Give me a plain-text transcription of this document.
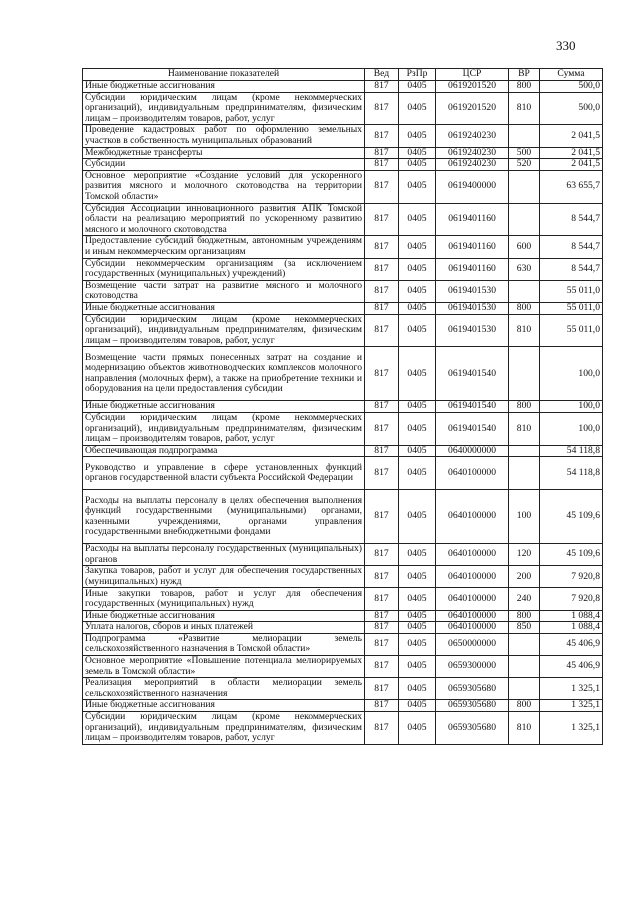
330
Наименование показателей	Вед	РзПр	ЦСР	ВР	Сумма
Иные бюджетные ассигнования	817	0405	0619201520	800	500,0
Субсидии юридическим лицам (кроме некоммерческих организаций), индивидуальным предпринимателям, физическим лицам – производителям товаров, работ, услуг	817	0405	0619201520	810	500,0
Проведение кадастровых работ по оформлению земельных участков в собственность муниципальных образований	817	0405	0619240230		2 041,5
Межбюджетные трансферты	817	0405	0619240230	500	2 041,5
Субсидии	817	0405	0619240230	520	2 041,5
Основное мероприятие «Создание условий для ускоренного развития мясного и молочного скотоводства на территории Томской области»	817	0405	0619400000		63 655,7
Субсидия Ассоциации инновационного развития АПК Томской области на реализацию мероприятий по ускоренному развитию мясного и молочного скотоводства	817	0405	0619401160		8 544,7
Предоставление субсидий бюджетным, автономным учреждениям и иным некоммерческим организациям	817	0405	0619401160	600	8 544,7
Субсидии некоммерческим организациям (за исключением государственных (муниципальных) учреждений)	817	0405	0619401160	630	8 544,7
Возмещение части затрат на развитие мясного и молочного скотоводства	817	0405	0619401530		55 011,0
Иные бюджетные ассигнования	817	0405	0619401530	800	55 011,0
Субсидии юридическим лицам (кроме некоммерческих организаций), индивидуальным предпринимателям, физическим лицам – производителям товаров, работ, услуг	817	0405	0619401530	810	55 011,0
Возмещение части прямых понесенных затрат на создание и модернизацию объектов животноводческих комплексов молочного направления (молочных ферм), а также на приобретение техники и оборудования на цели предоставления субсидии	817	0405	0619401540		100,0
Иные бюджетные ассигнования	817	0405	0619401540	800	100,0
Субсидии юридическим лицам (кроме некоммерческих организаций), индивидуальным предпринимателям, физическим лицам – производителям товаров, работ, услуг	817	0405	0619401540	810	100,0
Обеспечивающая подпрограмма	817	0405	0640000000		54 118,8
Руководство и управление в сфере установленных функций органов государственной власти субъекта Российской Федерации	817	0405	0640100000		54 118,8
Расходы на выплаты персоналу в целях обеспечения выполнения функций государственными (муниципальными) органами, казенными учреждениями, органами управления государственными внебюджетными фондами	817	0405	0640100000	100	45 109,6
Расходы на выплаты персоналу государственных (муниципальных) органов	817	0405	0640100000	120	45 109,6
Закупка товаров, работ и услуг для обеспечения государственных (муниципальных) нужд	817	0405	0640100000	200	7 920,8
Иные закупки товаров, работ и услуг для обеспечения государственных (муниципальных) нужд	817	0405	0640100000	240	7 920,8
Иные бюджетные ассигнования	817	0405	0640100000	800	1 088,4
Уплата налогов, сборов и иных платежей	817	0405	0640100000	850	1 088,4
Подпрограмма «Развитие мелиорации земель сельскохозяйственного назначения в Томской области»	817	0405	0650000000		45 406,9
Основное мероприятие «Повышение потенциала мелиорируемых земель в Томской области»	817	0405	0659300000		45 406,9
Реализация мероприятий в области мелиорации земель сельскохозяйственного назначения	817	0405	0659305680		1 325,1
Иные бюджетные ассигнования	817	0405	0659305680	800	1 325,1
Субсидии юридическим лицам (кроме некоммерческих организаций), индивидуальным предпринимателям, физическим лицам – производителям товаров, работ, услуг	817	0405	0659305680	810	1 325,1
